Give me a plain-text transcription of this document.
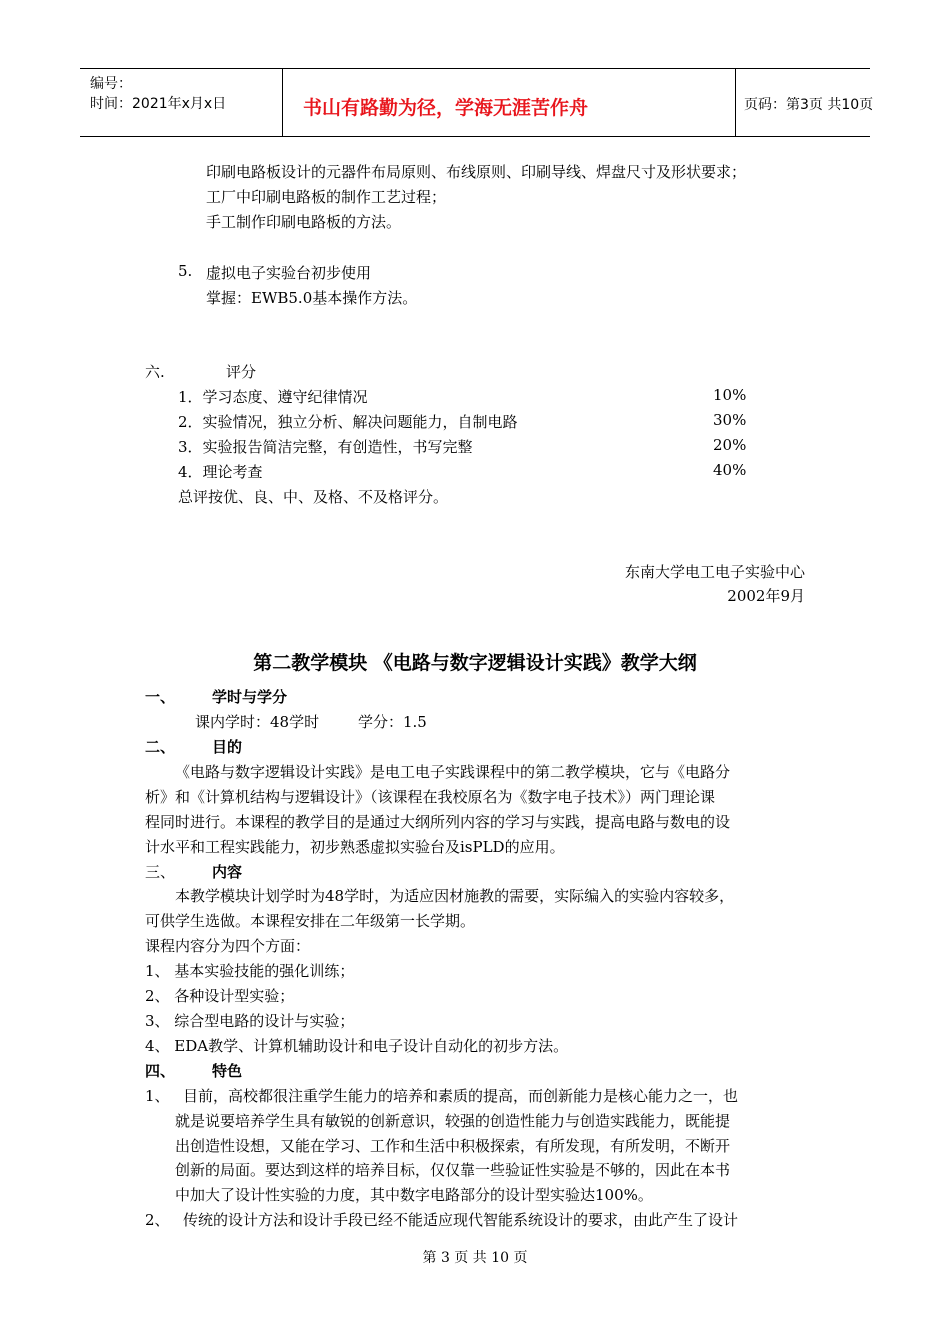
编号：
时间：2021年x月x日	书山有路勤为径，学海无涯苦作舟	页码：第3页 共10页
印刷电路板设计的元器件布局原则、布线原则、印刷导线、焊盘尺寸及形状要求；
工厂中印刷电路板的制作工艺过程；
手工制作印刷电路板的方法。
5. 虚拟电子实验台初步使用
掌握：EWB5.0基本操作方法。
六.	评分
1．学习态度、遵守纪律情况	10%
2．实验情况，独立分析、解决问题能力，自制电路	30%
3．实验报告简洁完整，有创造性，书写完整	20%
4．理论考查	40%
总评按优、良、中、及格、不及格评分。
东南大学电工电子实验中心
2002年9月
第二教学模块 《电路与数字逻辑设计实践》教学大纲
一、 学时与学分
课内学时：48学时	学分：1.5
二、 目的
《电路与数字逻辑设计实践》是电工电子实践课程中的第二教学模块，它与《电路分
析》和《计算机结构与逻辑设计》（该课程在我校原名为《数字电子技术》）两门理论课
程同时进行。本课程的教学目的是通过大纲所列内容的学习与实践，提高电路与数电的设
计水平和工程实践能力，初步熟悉虚拟实验台及isPLD的应用。
三、 内容
本教学模块计划学时为48学时，为适应因材施教的需要，实际编入的实验内容较多，
可供学生选做。本课程安排在二年级第一长学期。
课程内容分为四个方面：
1、 基本实验技能的强化训练；
2、 各种设计型实验；
3、 综合型电路的设计与实验；
4、 EDA教学、计算机辅助设计和电子设计自动化的初步方法。
四、 特色
1、 目前，高校都很注重学生能力的培养和素质的提高，而创新能力是核心能力之一，也
就是说要培养学生具有敏锐的创新意识，较强的创造性能力与创造实践能力，既能提
出创造性设想，又能在学习、工作和生活中积极探索，有所发现，有所发明，不断开
创新的局面。要达到这样的培养目标，仅仅靠一些验证性实验是不够的，因此在本书
中加大了设计性实验的力度，其中数字电路部分的设计型实验达100%。
2、 传统的设计方法和设计手段已经不能适应现代智能系统设计的要求，由此产生了设计
第 3 页 共 10 页
